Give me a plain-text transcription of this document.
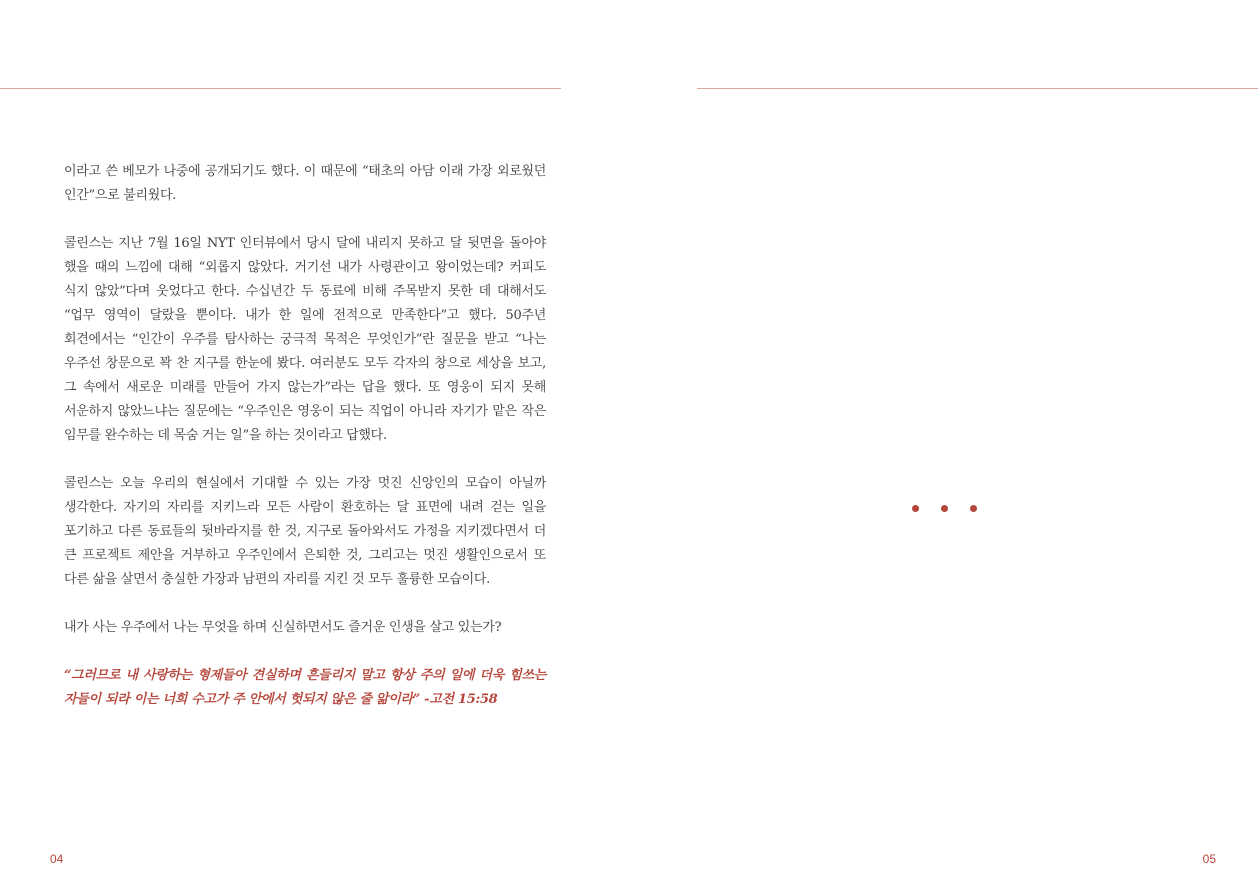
이라고 쓴 베모가 나중에 공개되기도 했다. 이 때문에 “태초의 아담 이래 가장 외로웠던 인간”으로 불리웠다.

콜린스는 지난 7월 16일 NYT 인터뷰에서 당시 달에 내리지 못하고 달 뒷면을 돌아야 했을 때의 느낌에 대해 “외롭지 않았다. 거기선 내가 사령관이고 왕이었는데? 커피도 식지 않았”다며 웃었다고 한다. 수십년간 두 동료에 비해 주목받지 못한 데 대해서도 “업무 영역이 달랐을 뿐이다. 내가 한 일에 전적으로 만족한다”고 했다. 50주년 회견에서는 “인간이 우주를 탐사하는 궁극적 목적은 무엇인가”란 질문을 받고 “나는 우주선 창문으로 꽉 찬 지구를 한눈에 봤다. 여러분도 모두 각자의 창으로 세상을 보고, 그 속에서 새로운 미래를 만들어 가지 않는가”라는 답을 했다. 또 영웅이 되지 못해 서운하지 않았느냐는 질문에는 “우주인은 영웅이 되는 직업이 아니라 자기가 맡은 작은 임무를 완수하는 데 목숨 거는 일”을 하는 것이라고 답했다.

콜린스는 오늘 우리의 현실에서 기대할 수 있는 가장 멋진 신앙인의 모습이 아닐까 생각한다. 자기의 자리를 지키느라 모든 사람이 환호하는 달 표면에 내려 걷는 일을 포기하고 다른 동료들의 뒷바라지를 한 것, 지구로 돌아와서도 가정을 지키겠다면서 더 큰 프로젝트 제안을 거부하고 우주인에서 은퇴한 것, 그리고는 멋진 생활인으로서 또 다른 삶을 살면서 충실한 가장과 남편의 자리를 지킨 것 모두 훌륭한 모습이다.

내가 사는 우주에서 나는 무엇을 하며 신실하면서도 즐거운 인생을 살고 있는가?

“그러므로 내 사랑하는 형제들아 견실하며 흔들리지 말고 항상 주의 일에 더욱 힘쓰는 자들이 되라 이는 너희 수고가 주 안에서 헛되지 않은 줄 앎이라” -고전 15:58

04	05
